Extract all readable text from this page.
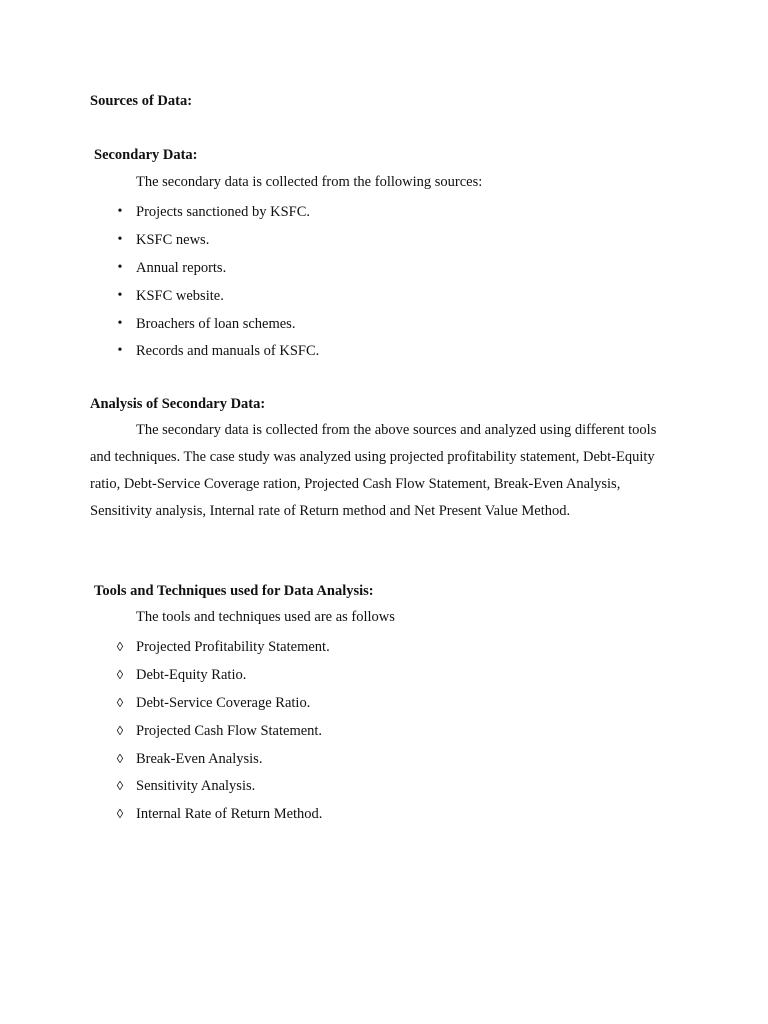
Sources of Data:
Secondary Data:
The secondary data is collected from the following sources:
• Projects sanctioned by KSFC.
• KSFC news.
• Annual reports.
• KSFC website.
• Broachers of loan schemes.
• Records and manuals of KSFC.
Analysis of Secondary Data:
The secondary data is collected from the above sources and analyzed using different tools
and techniques. The case study was analyzed using projected profitability statement, Debt-Equity
ratio, Debt-Service Coverage ration, Projected Cash Flow Statement, Break-Even Analysis,
Sensitivity analysis, Internal rate of Return method and Net Present Value Method.
Tools and Techniques used for Data Analysis:
The tools and techniques used are as follows
◊ Projected Profitability Statement.
◊ Debt-Equity Ratio.
◊ Debt-Service Coverage Ratio.
◊ Projected Cash Flow Statement.
◊ Break-Even Analysis.
◊ Sensitivity Analysis.
◊ Internal Rate of Return Method.
